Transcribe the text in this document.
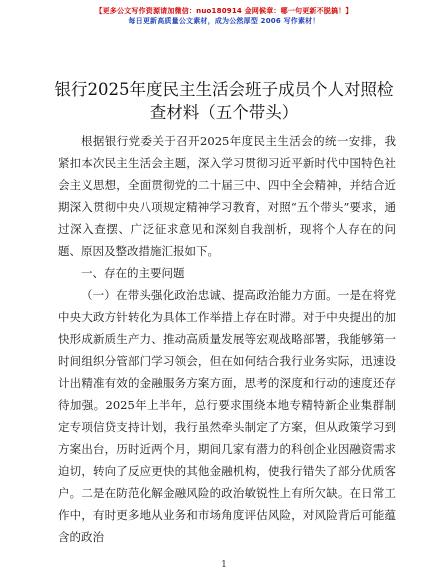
【更多公文写作资源请加微信：nuo180914 金网候章：哪一句更新不脱搞！】
每日更新高质量公文素材，成为公然厚型 2006 写作素材！
银行2025年度民主生活会班子成员个人对照检查材料（五个带头）

根据银行党委关于召开2025年度民主生活会的统一安排，我紧扣本次民主生活会主题，深入学习贯彻习近平新时代中国特色社会主义思想，全面贯彻党的二十届三中、四中全会精神，并结合近期深入贯彻中央八项规定精神学习教育，对照“五个带头”要求，通过深入查摆、广泛征求意见和深刻自我剖析，现将个人存在的问题、原因及整改措施汇报如下。

一、存在的主要问题

（一）在带头强化政治忠诚、提高政治能力方面。一是在将党中央大政方针转化为具体工作举措上存在时滞。对于中央提出的加快形成新质生产力、推动高质量发展等宏观战略部署，我能够第一时间组织分管部门学习领会，但在如何结合我行业务实际，迅速设计出精准有效的金融服务方案方面，思考的深度和行动的速度还存待加强。2025年上半年，总行要求围绕本地专精特新企业集群制定专项信贷支持计划，我行虽然牵头制定了方案，但从政策学习到方案出台，历时近两个月，期间几家有潜力的科创企业因融资需求迫切，转向了反应更快的其他金融机构，使我行错失了部分优质客户。二是在防范化解金融风险的政治敏锐性上有所欠缺。在日常工作中，有时更多地从业务和市场角度评估风险，对风险背后可能蕴含的政治

1
